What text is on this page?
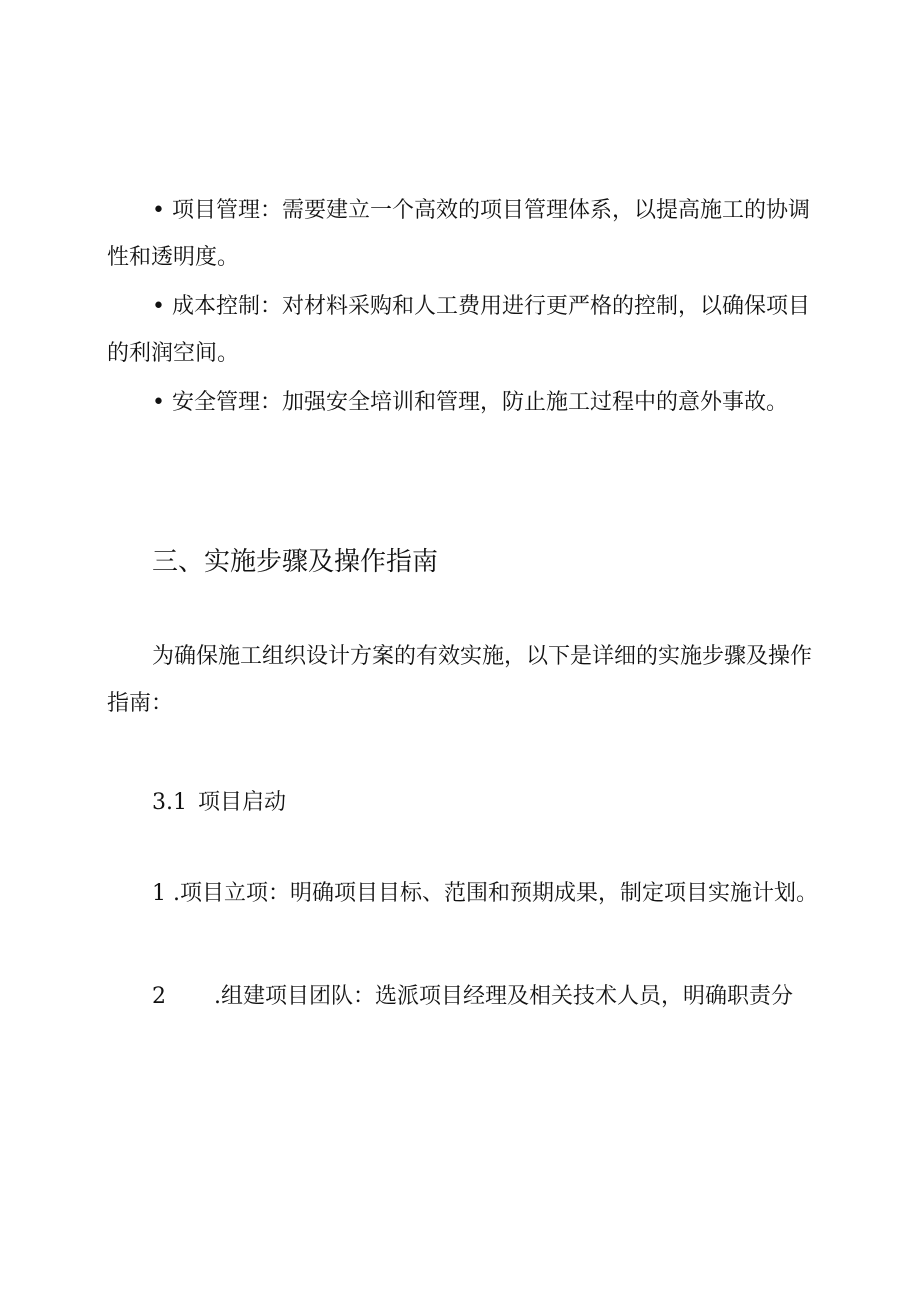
• 项目管理：需要建立一个高效的项目管理体系，以提高施工的协调性和透明度。

• 成本控制：对材料采购和人工费用进行更严格的控制，以确保项目的利润空间。

• 安全管理：加强安全培训和管理，防止施工过程中的意外事故。

三、实施步骤及操作指南

为确保施工组织设计方案的有效实施，以下是详细的实施步骤及操作指南：

3.1 项目启动

1 .项目立项：明确项目目标、范围和预期成果，制定项目实施计划。

2 .组建项目团队：选派项目经理及相关技术人员，明确职责分
